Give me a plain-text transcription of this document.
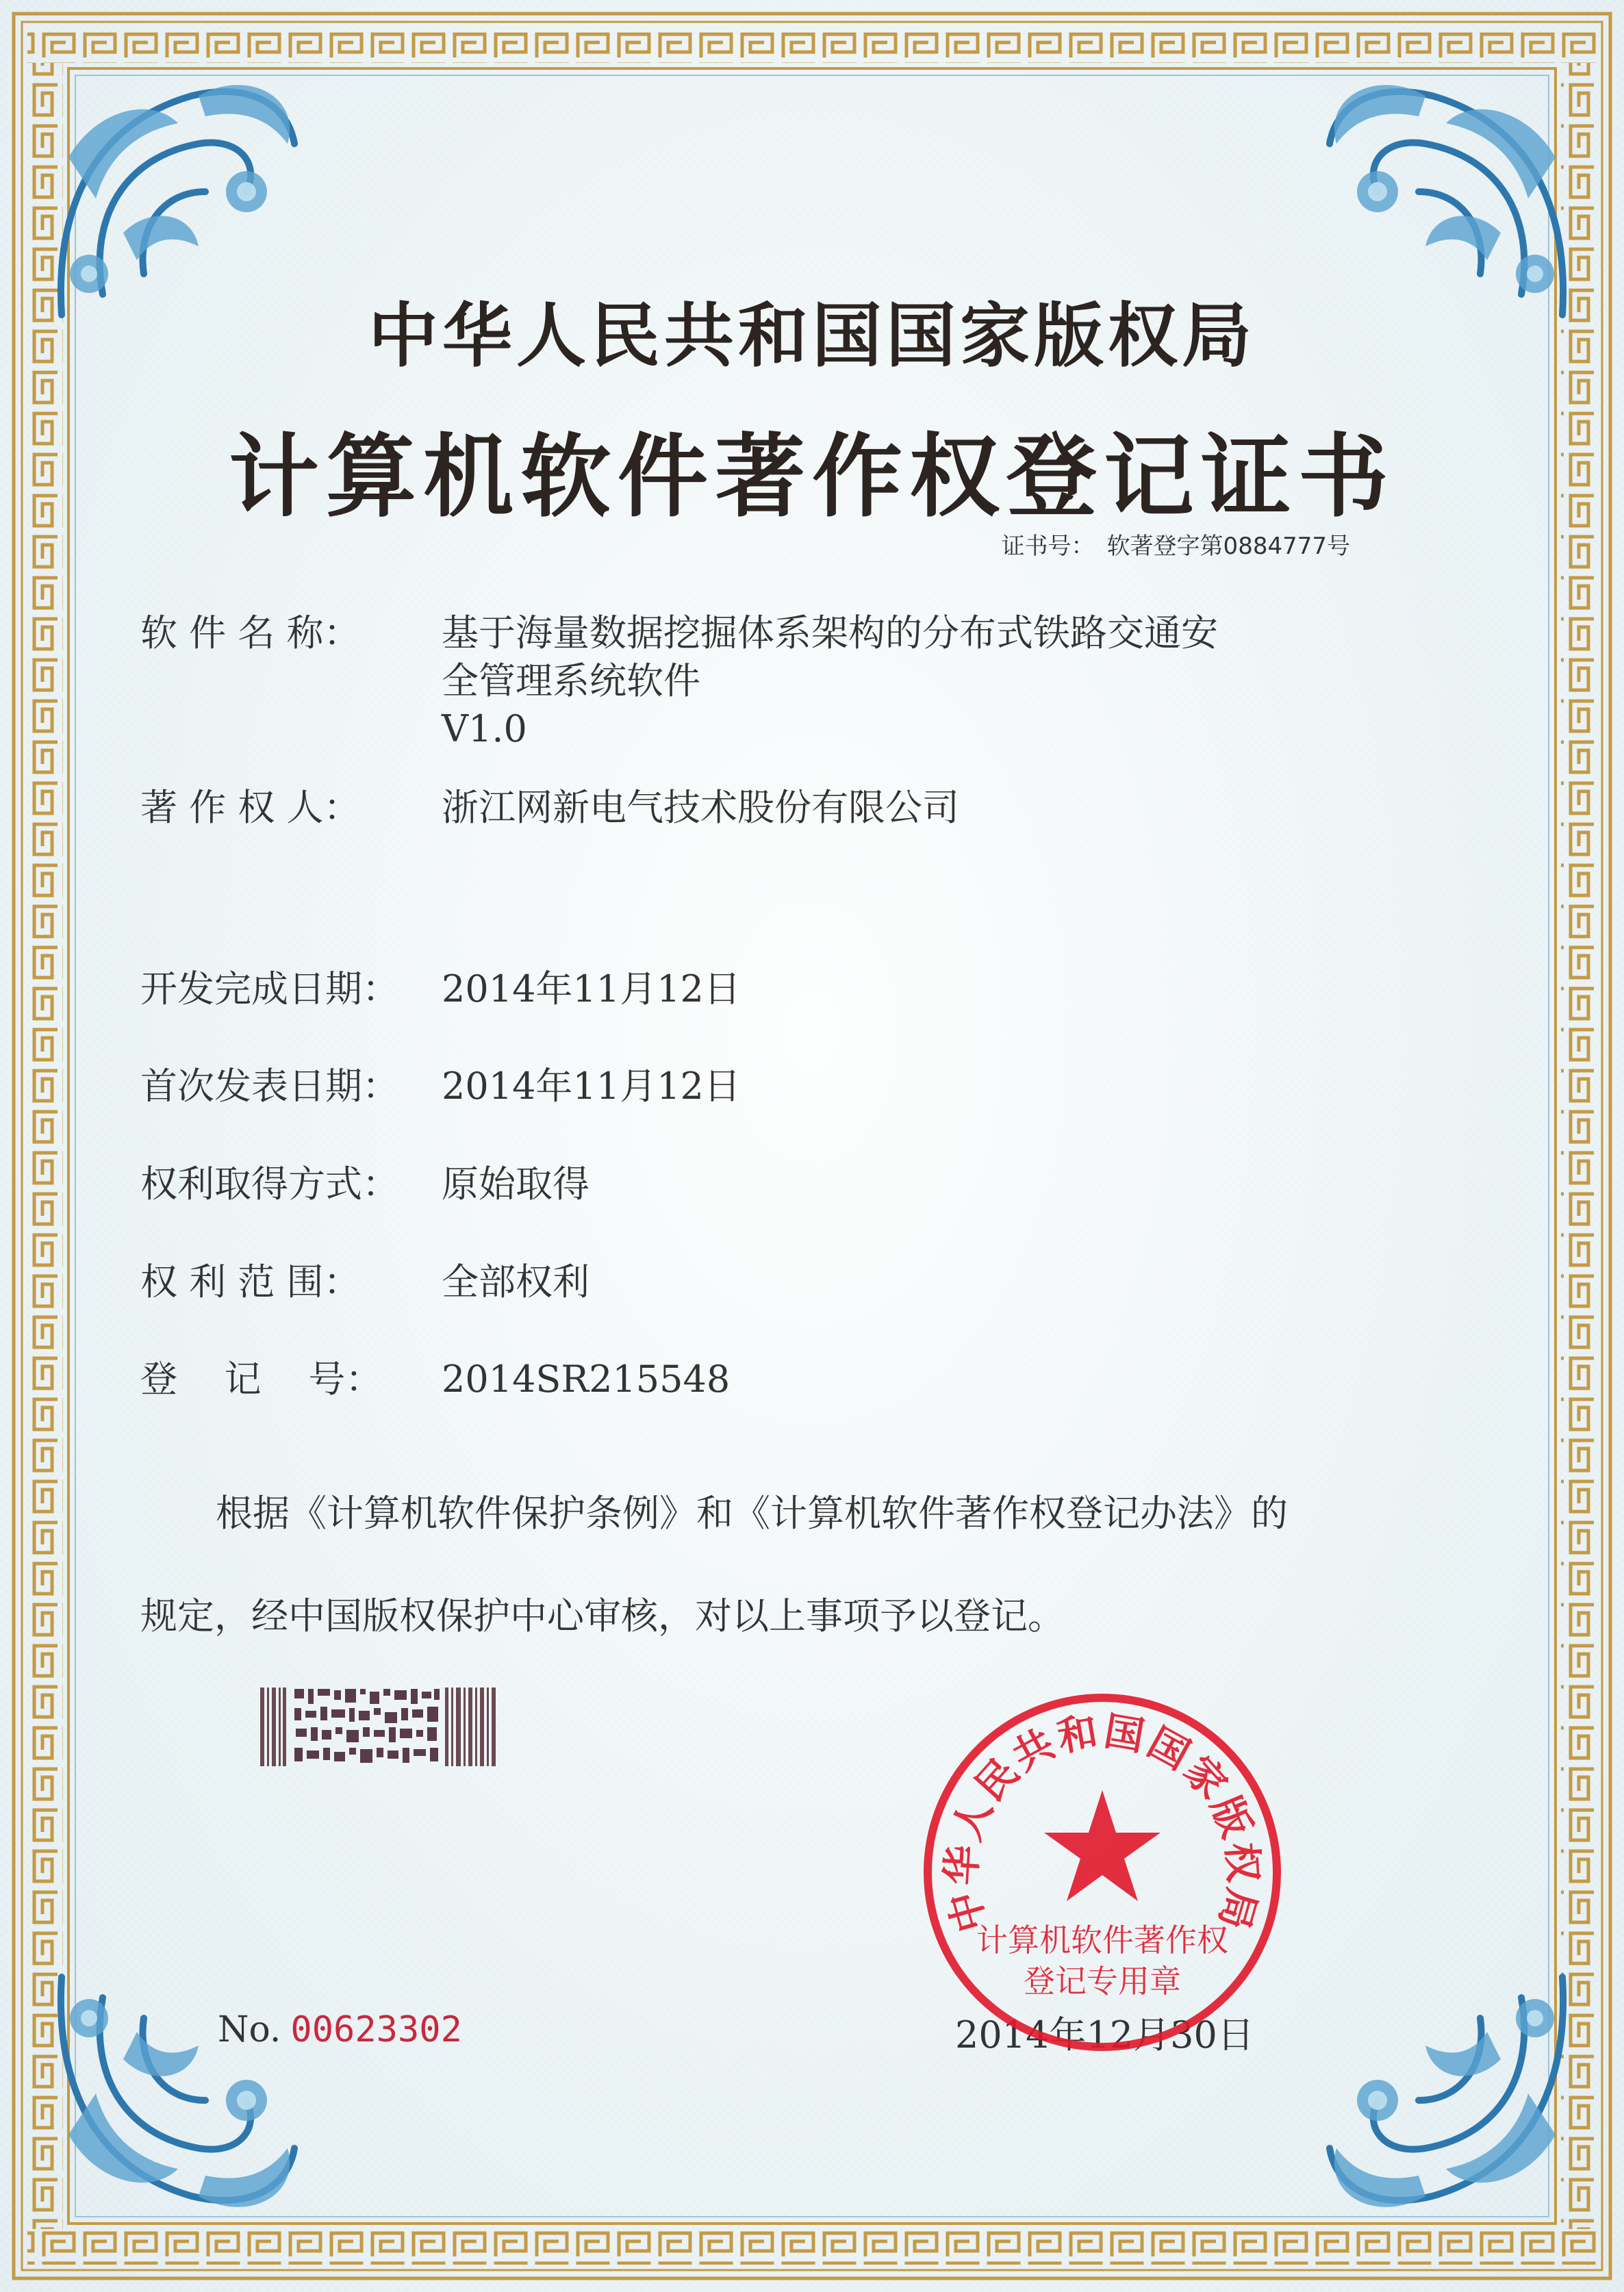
中华人民共和国国家版权局
计算机软件著作权登记证书
证书号： 软著登字第0884777号
软 件 名 称： 基于海量数据挖掘体系架构的分布式铁路交通安
全管理系统软件
V1.0
著 作 权 人： 浙江网新电气技术股份有限公司
开发完成日期： 2014年11月12日
首次发表日期： 2014年11月12日
权利取得方式： 原始取得
权 利 范 围： 全部权利
登    记    号： 2014SR215548
根据《计算机软件保护条例》和《计算机软件著作权登记办法》的
规定，经中国版权保护中心审核，对以上事项予以登记。
No. 00623302	2014年12月30日
中华人民共和国国家版权局
计算机软件著作权
登记专用章
